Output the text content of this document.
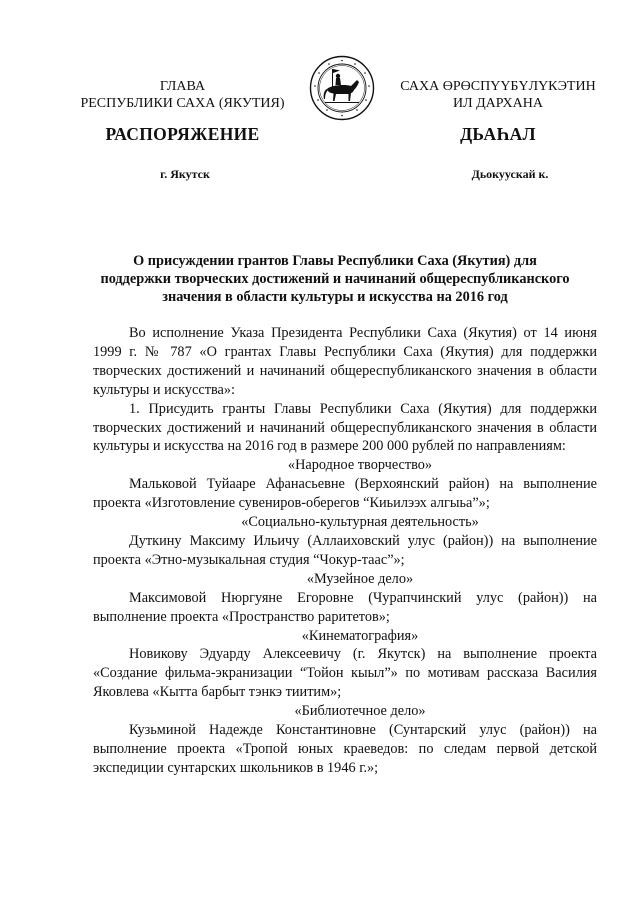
ГЛАВА
РЕСПУБЛИКИ САХА (ЯКУТИЯ)
САХА ӨРӨСПҮҮБҮЛҮКЭТИН
ИЛ ДАРХАНА
РАСПОРЯЖЕНИЕ	ДЬАҺАЛ
г. Якутск	Дьокуускай к.
О присуждении грантов Главы Республики Саха (Якутия) для
поддержки творческих достижений и начинаний общереспубликанского
значения в области культуры и искусства на 2016 год

Во исполнение Указа Президента Республики Саха (Якутия) от 14 июня 1999 г. № 787 «О грантах Главы Республики Саха (Якутия) для поддержки творческих достижений и начинаний общереспубликанского значения в области культуры и искусства»:

1. Присудить гранты Главы Республики Саха (Якутия) для поддержки творческих достижений и начинаний общереспубликанского значения в области культуры и искусства на 2016 год в размере 200 000 рублей по направлениям:

«Народное творчество»

Мальковой Туйааре Афанасьевне (Верхоянский район) на выполнение проекта «Изготовление сувениров-оберегов “Киьилээх алгыьа”»;

«Социально-культурная деятельность»

Дуткину Максиму Ильичу (Аллаиховский улус (район)) на выполнение проекта «Этно-музыкальная студия “Чокур-таас”»;

«Музейное дело»

Максимовой Нюргуяне Егоровне (Чурапчинский улус (район)) на выполнение проекта «Пространство раритетов»;

«Кинематография»

Новикову Эдуарду Алексеевичу (г. Якутск) на выполнение проекта «Создание фильма-экранизации “Тойон кыыл”» по мотивам рассказа Василия Яковлева «Кытта барбыт тэнкэ тиитим»;

«Библиотечное дело»

Кузьминой Надежде Константиновне (Сунтарский улус (район)) на выполнение проекта «Тропой юных краеведов: по следам первой детской экспедиции сунтарских школьников в 1946 г.»;
